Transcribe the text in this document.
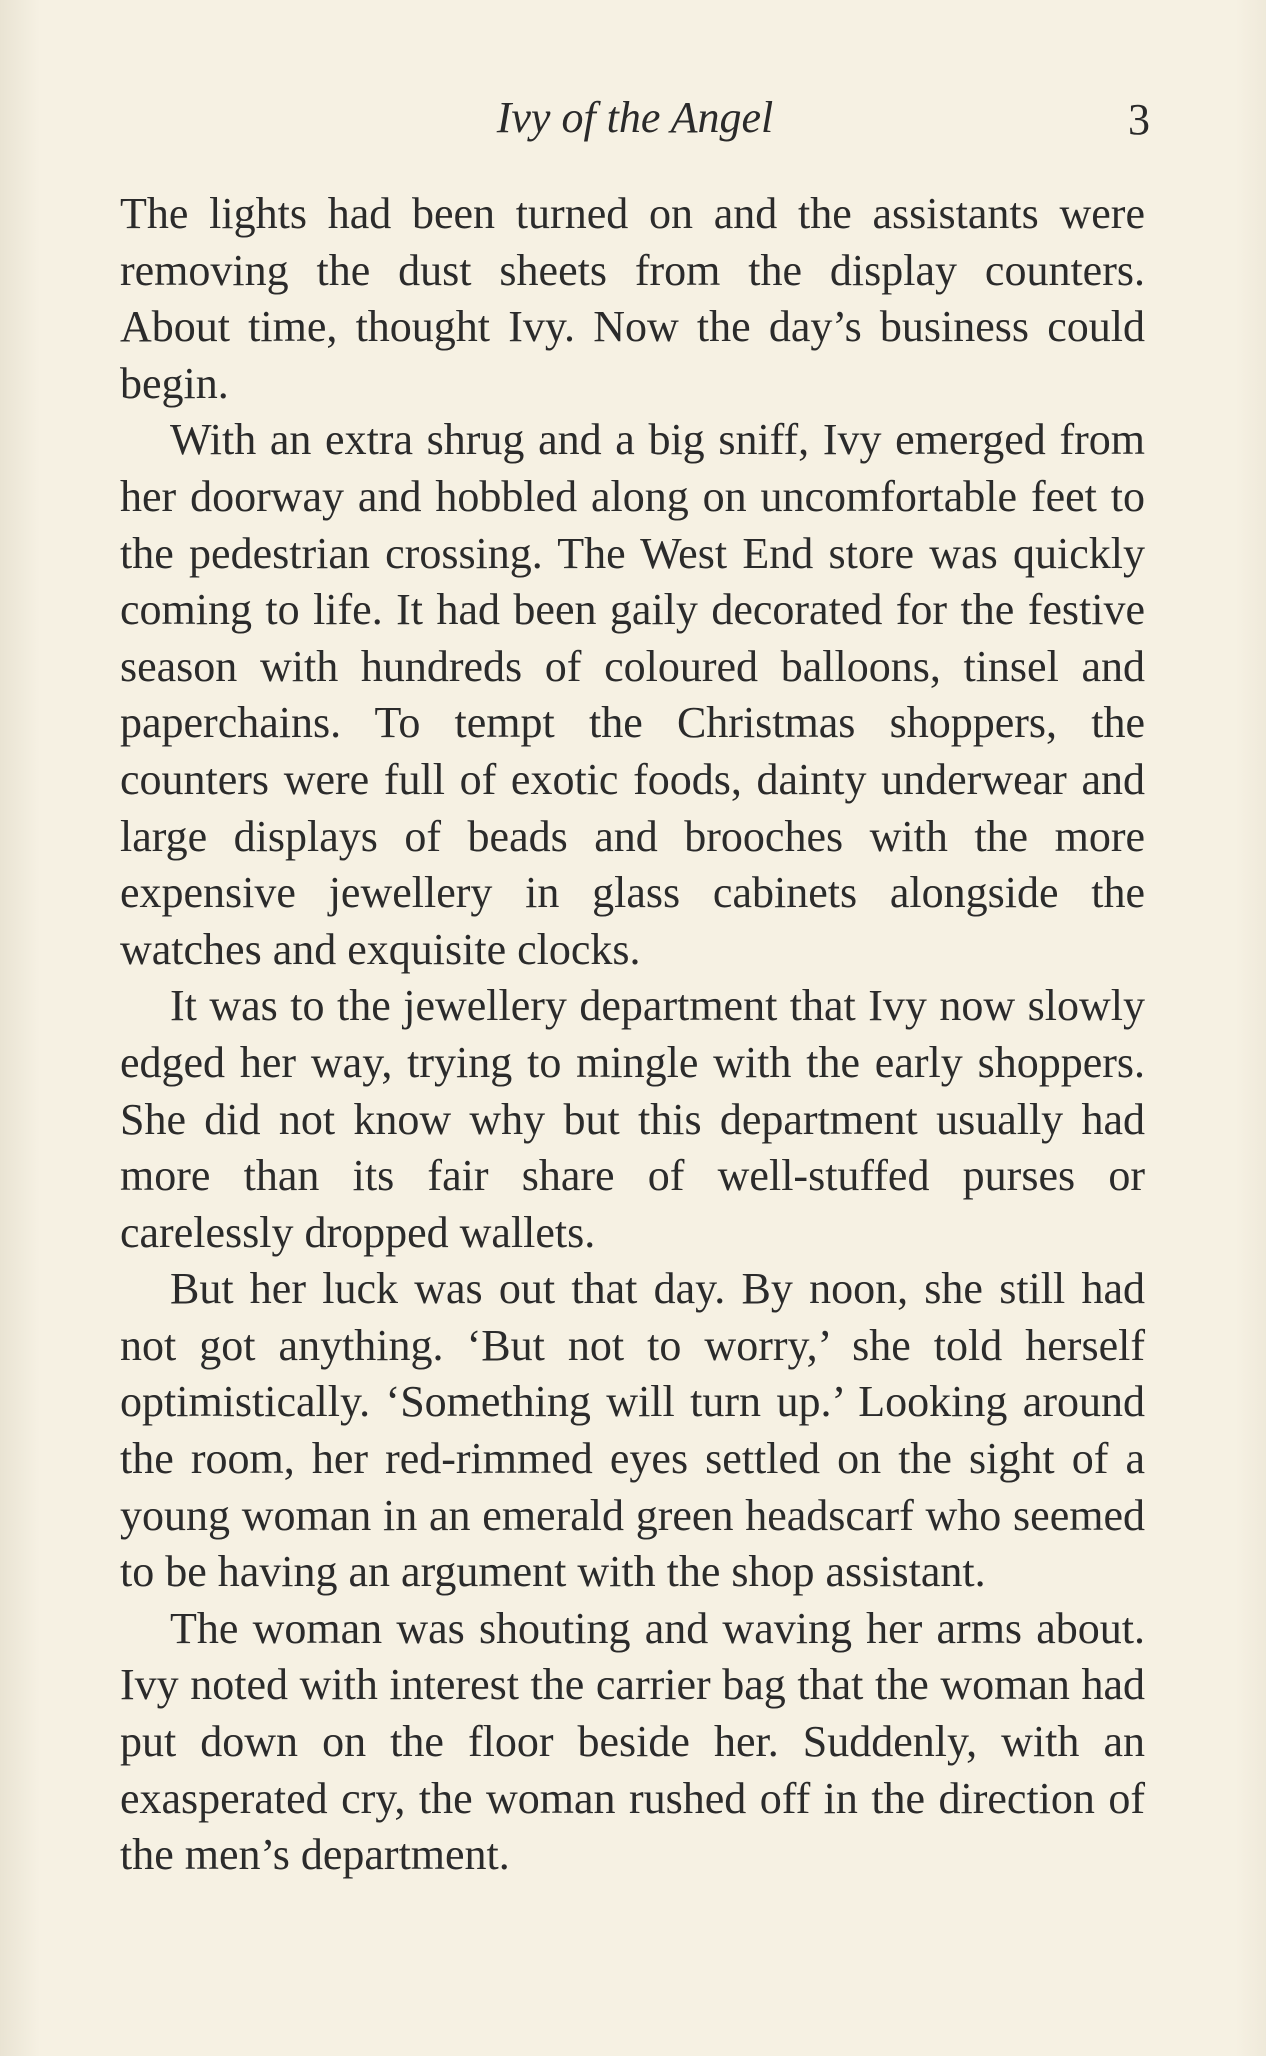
Ivy of the Angel	3

The lights had been turned on and the assistants were removing the dust sheets from the display counters. About time, thought Ivy. Now the day’s business could begin.

With an extra shrug and a big sniff, Ivy emerged from her doorway and hobbled along on uncomfortable feet to the pedestrian crossing. The West End store was quickly coming to life. It had been gaily decorated for the festive season with hundreds of coloured balloons, tinsel and paperchains. To tempt the Christmas shoppers, the counters were full of exotic foods, dainty underwear and large displays of beads and brooches with the more expensive jewellery in glass cabinets alongside the watches and exquisite clocks.

It was to the jewellery department that Ivy now slowly edged her way, trying to mingle with the early shoppers. She did not know why but this department usually had more than its fair share of well-stuffed purses or carelessly dropped wallets.

But her luck was out that day. By noon, she still had not got anything. ‘But not to worry,’ she told herself optimistically. ‘Something will turn up.’ Looking around the room, her red-rimmed eyes settled on the sight of a young woman in an emerald green headscarf who seemed to be having an argument with the shop assistant.

The woman was shouting and waving her arms about. Ivy noted with interest the carrier bag that the woman had put down on the floor beside her. Suddenly, with an exasperated cry, the woman rushed off in the direction of the men’s department.
